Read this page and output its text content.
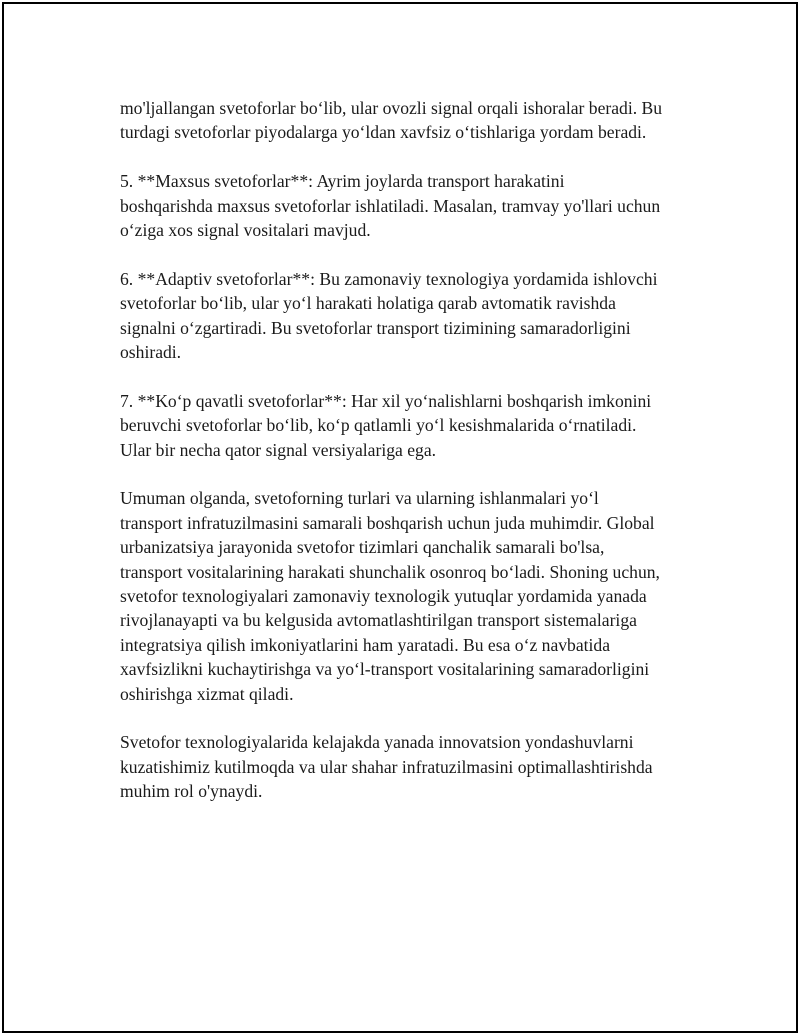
mo'ljallangan svetoforlar bo‘lib, ular ovozli signal orqali ishoralar beradi. Bu
turdagi svetoforlar piyodalarga yo‘ldan xavfsiz o‘tishlariga yordam beradi.

5. **Maxsus svetoforlar**: Ayrim joylarda transport harakatini
boshqarishda maxsus svetoforlar ishlatiladi. Masalan, tramvay yo'llari uchun
o‘ziga xos signal vositalari mavjud.

6. **Adaptiv svetoforlar**: Bu zamonaviy texnologiya yordamida ishlovchi
svetoforlar bo‘lib, ular yo‘l harakati holatiga qarab avtomatik ravishda
signalni o‘zgartiradi. Bu svetoforlar transport tizimining samaradorligini
oshiradi.

7. **Ko‘p qavatli svetoforlar**: Har xil yo‘nalishlarni boshqarish imkonini
beruvchi svetoforlar bo‘lib, ko‘p qatlamli yo‘l kesishmalarida o‘rnatiladi.
Ular bir necha qator signal versiyalariga ega.

Umuman olganda, svetoforning turlari va ularning ishlanmalari yo‘l
transport infratuzilmasini samarali boshqarish uchun juda muhimdir. Global
urbanizatsiya jarayonida svetofor tizimlari qanchalik samarali bo'lsa,
transport vositalarining harakati shunchalik osonroq bo‘ladi. Shoning uchun,
svetofor texnologiyalari zamonaviy texnologik yutuqlar yordamida yanada
rivojlanayapti va bu kelgusida avtomatlashtirilgan transport sistemalariga
integratsiya qilish imkoniyatlarini ham yaratadi. Bu esa o‘z navbatida
xavfsizlikni kuchaytirishga va yo‘l-transport vositalarining samaradorligini
oshirishga xizmat qiladi.

Svetofor texnologiyalarida kelajakda yanada innovatsion yondashuvlarni
kuzatishimiz kutilmoqda va ular shahar infratuzilmasini optimallashtirishda
muhim rol o'ynaydi.
